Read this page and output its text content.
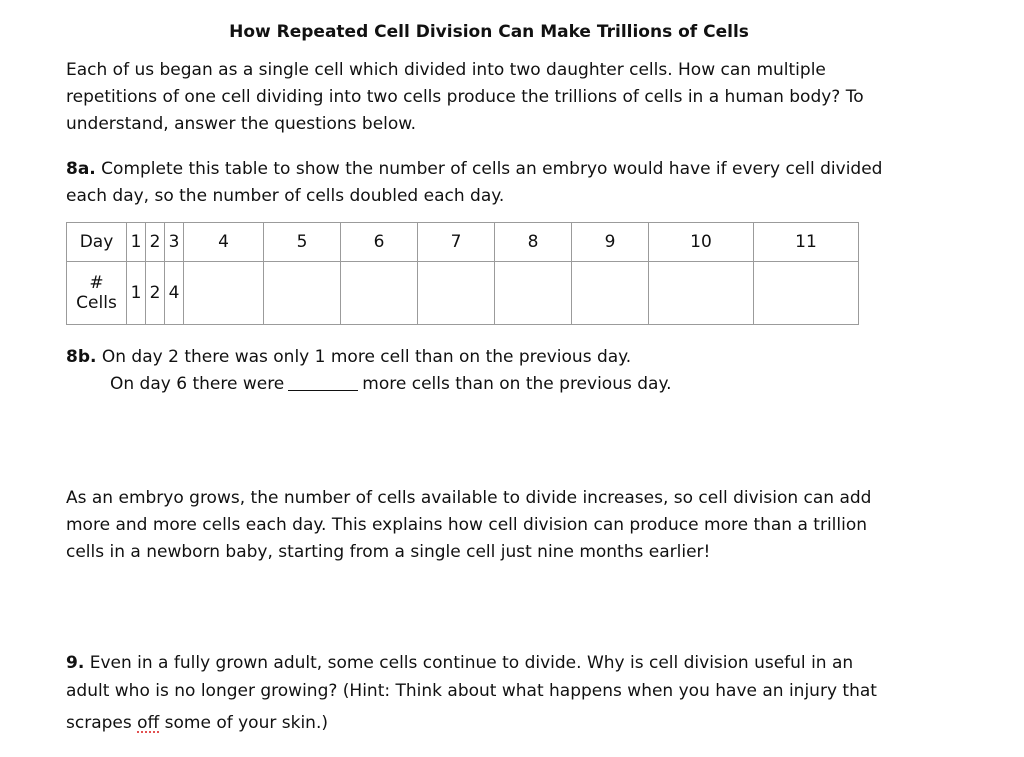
How Repeated Cell Division Can Make Trillions of Cells

Each of us began as a single cell which divided into two daughter cells. How can multiple
repetitions of one cell dividing into two cells produce the trillions of cells in a human body? To
understand, answer the questions below.

8a. Complete this table to show the number of cells an embryo would have if every cell divided
each day, so the number of cells doubled each day.

Day	1	2	3	4	5	6	7	8	9	10	11
#
Cells	1	2	4								

8b. On day 2 there was only 1 more cell than on the previous day.
On day 6 there were	more cells than on the previous day.

As an embryo grows, the number of cells available to divide increases, so cell division can add
more and more cells each day. This explains how cell division can produce more than a trillion
cells in a newborn baby, starting from a single cell just nine months earlier!

9. Even in a fully grown adult, some cells continue to divide. Why is cell division useful in an
adult who is no longer growing? (Hint: Think about what happens when you have an injury that
scrapes off some of your skin.)
